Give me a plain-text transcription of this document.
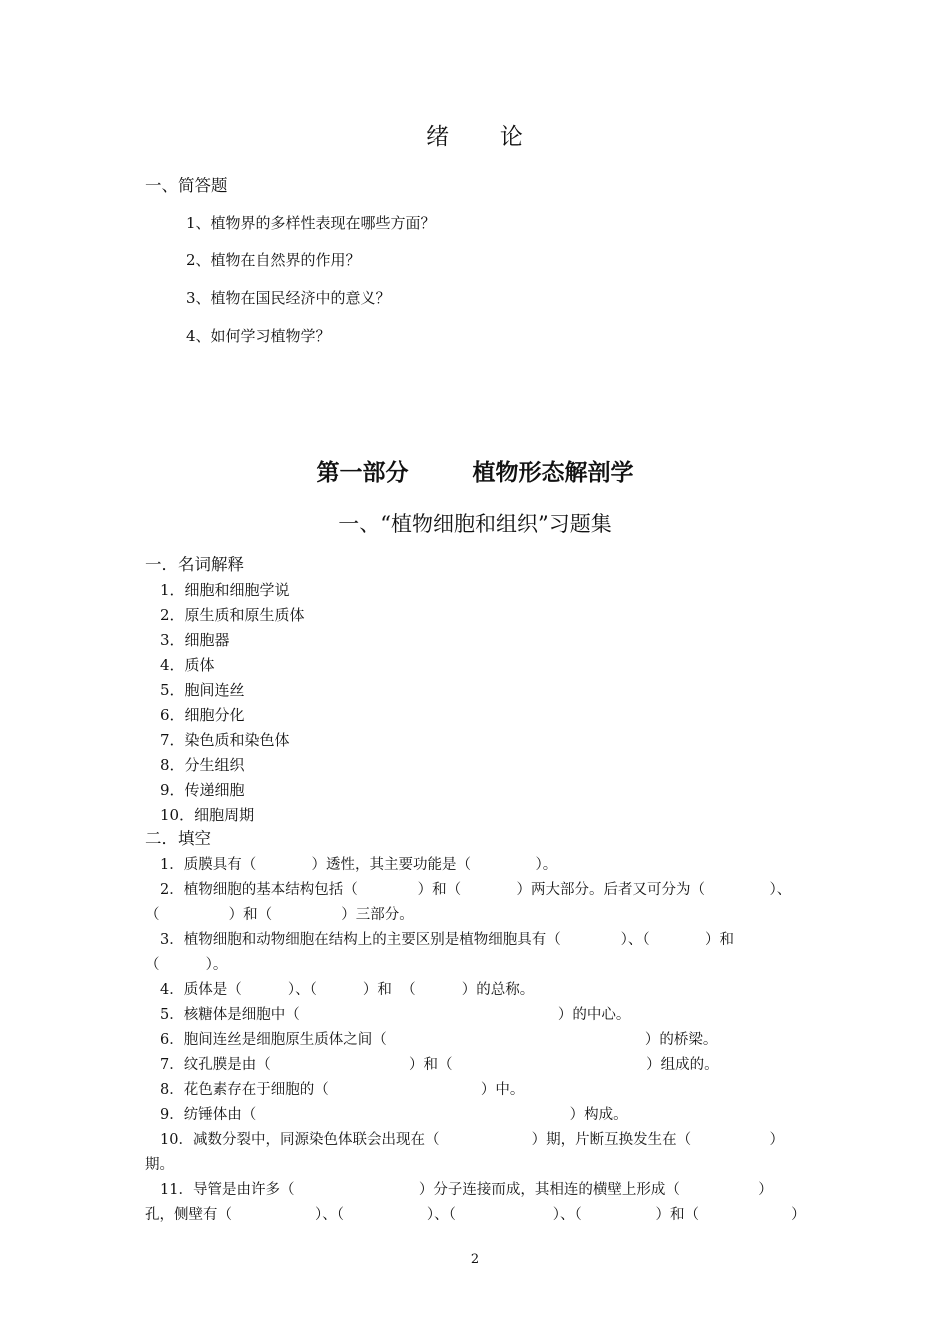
绪      论
一、简答题
1、植物界的多样性表现在哪些方面？
2、植物在自然界的作用？
3、植物在国民经济中的意义？
4、如何学习植物学？
第一部分        植物形态解剖学
一、“植物细胞和组织”习题集
一．名词解释
1．细胞和细胞学说
2．原生质和原生质体
3．细胞器
4．质体
5．胞间连丝
6．细胞分化
7．染色质和染色体
8．分生组织
9．传递细胞
10．细胞周期
二．填空
1．质膜具有（            ）透性，其主要功能是（              ）。
2．植物细胞的基本结构包括（             ）和（            ）两大部分。后者又可分为（              ）、
（               ）和（               ）三部分。
3．植物细胞和动物细胞在结构上的主要区别是植物细胞具有（             ）、（            ）和
（          ）。
4．质体是（          ）、（          ）和  （          ）的总称。
5．核糖体是细胞中（                                                        ）的中心。
6．胞间连丝是细胞原生质体之间（                                                        ）的桥梁。
7．纹孔膜是由（                              ）和（                                          ）组成的。
8．花色素存在于细胞的（                                 ）中。
9．纺锤体由（                                                                    ）构成。
10．减数分裂中，同源染色体联会出现在（                    ）期，片断互换发生在（                 ）
期。
11．导管是由许多（                           ）分子连接而成，其相连的横壁上形成（                 ）
孔，侧壁有（                  ）、（                  ）、（                     ）、（                ）和（                    ）
2
